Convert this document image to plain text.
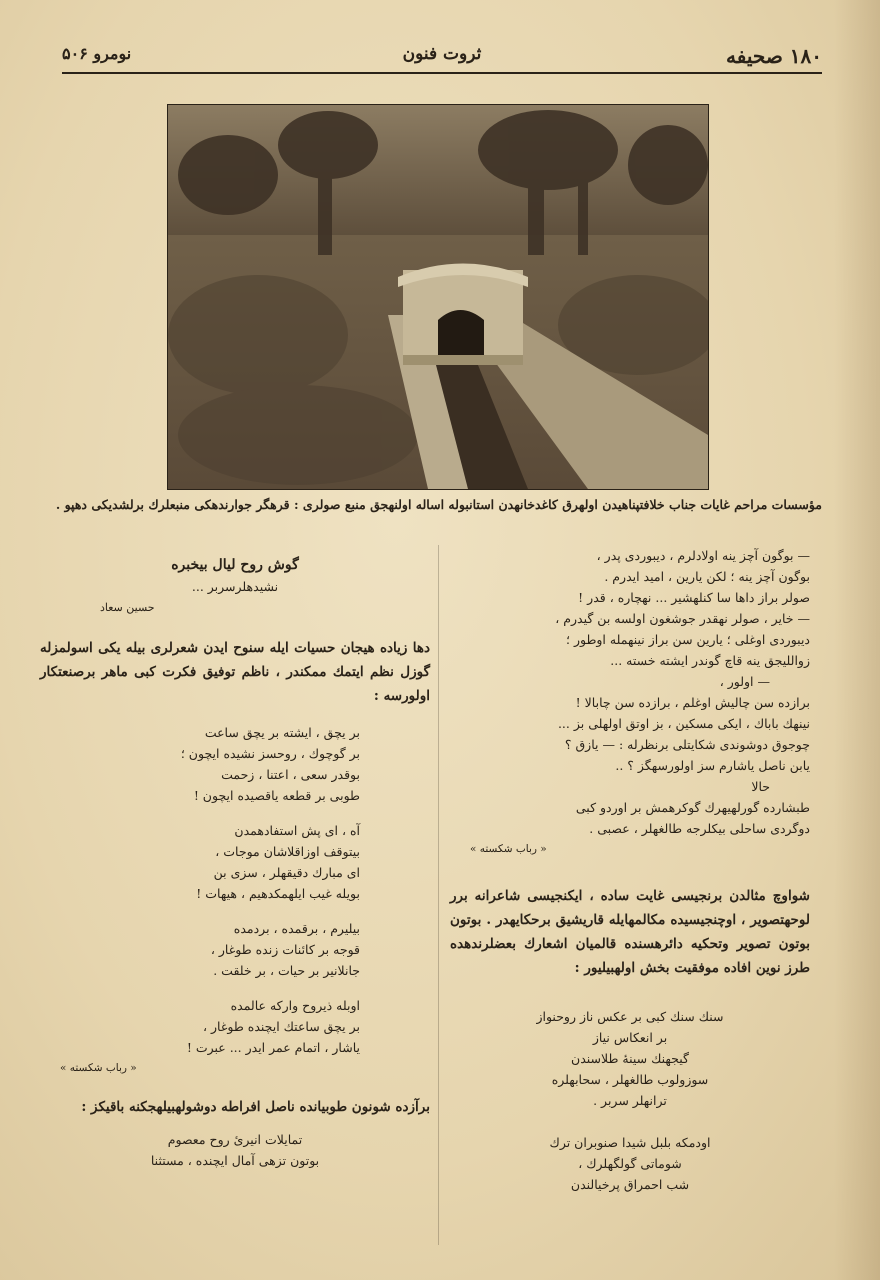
۱۸۰ صحیفه
ثروت فنون
نومرو ۵۰۶
مؤسسات مراحم غایات جناب خلافتپناهیدن اولهرق کاغدخانهدن استانبوله اساله اولنهجق منبع صولری : قرهگر جوارندهکی منبعلرك برلشدیکی دهپو .
— بوگون آچز ینه اولادلرم ، دیبوردی پدر ،
بوگون آچز ینه ؛ لکن یارین ، امید ایدرم .
صولر براز داها سا كنلهشیر ... نهچاره ، قدر !
— خایر ، صولر نهقدر جوشغون اولسه بن گیدرم ،
دیبوردی اوغلی ؛ یارین سن براز نینهمله اوطور ؛
زواللیجق ینه قاچ گوندر ایشته خسته ...
— اولور ،
برازده سن چالیش اوغلم ، برازده سن چابالا !
نینهك باباك ، ایکی مسکین ، بز اوتق اولهلی بز ...
چوجوق دوشوندی شکایتلی برنظرله : — یازق ؟
یابن ناصل یاشارم سز اولورسهگز ؟ ..
حالا
طبشارده گورلهیهرك گوكرهمش بر اوردو كبی
دوگردی ساحلی بیكلرجه طالغهلر ، عصبی .
« رباب شكسته »
شواوچ مثالدن برنجیسی غایت ساده ، ایكنجیسی شاعرانه برر لوحهتصویر ، اوچنجیسیده مكالمهایله قاریشیق برحكایهدر . بوتون بوتون تصویر وتحكیه دائرهسنده قالمیان اشعارك بعضلرندهده طرز نوین افاده موفقیت بخش اولهبیلیور :
سنك سنك كبی بر عكس ناز روحنواز
بر انعكاس نیاز
گیجهنك سینهٔ طلاسندن
سوزولوب طالغهلر ، سحابهلره
ترانهلر سربر .

اودمكه بلبل شیدا صنوبران ترك
شوماتی گولگهلرك ،
شب احمراق پرخیالندن
گوش روح لیال بیخبره
نشیدهلرسربر ...
حسین سعاد
دها زیاده هیجان حسیات ایله سنوح ایدن شعرلری بیله یكی اسولمزله گوزل نظم ایتمك ممكندر ، ناظم توفیق فكرت كبی ماهر برصنعتكار اولورسه :
بر یچق ، ایشته بر یچق ساعت
بر گوچوك ، روحسز نشیده ایچون ؛
بوقدر سعی ، اعتنا ، زحمت
طوبی بر قطعه یاقصیده ایچون !
آه ، ای پش استفادهمدن
بیتوقف اوزاقلاشان موجات ،
ای مبارك دقیقهلر ، سزی بن
بویله غیب ایلهمكدهیم ، هیهات !
بیلیرم ، برقمده ، بردمده
قوجه بر كائنات زنده طوغار ،
جانلانیر بر حیات ، بر خلقت .
اوبله ذیروح وارکه عالمده
بر یچق ساعتك ایچنده طوغار ،
یاشار ، اتمام عمر ایدر ... عبرت !
« رباب شكسته »
برآزده شونون طوبیانده ناصل افراطه دوشولهبیلهجكنه باقیكز :
تمایلات انیرئ روح معصوم
بوتون تزهی آمال ایچنده ، مستثنا
